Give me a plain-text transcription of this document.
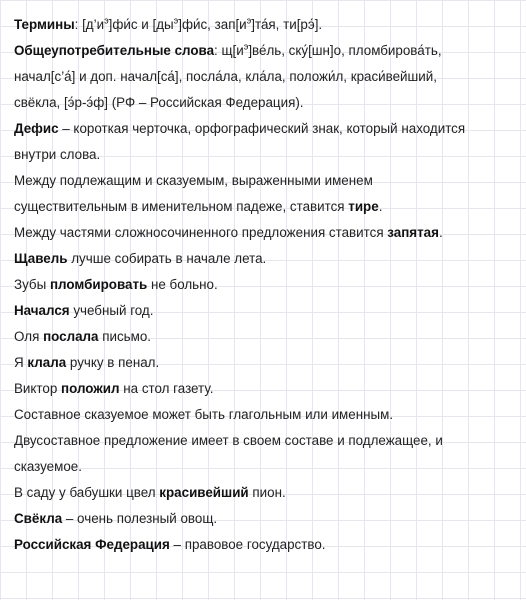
Термины: $[д’и^э]фи́с$ и $[ды^э]фи́с$, $зап[и^э]та́я$, ти[рэ́].
Общеупотребительные слова: $щ[и^э]ве́ль$, ску́[шн]о, пломбирова́ть,
начал[с’а́] и доп. начал[са́], посла́ла, кла́ла, положи́л, краси́вейший,
свёкла, [э́р-э́ф] (РФ – Российская Федерация).
Дефис – короткая черточка, орфографический знак, который находится
внутри слова.
Между подлежащим и сказуемым, выраженными именем
существительным в именительном падеже, ставится тире.
Между частями сложносочиненного предложения ставится запятая.
Щавель лучше собирать в начале лета.
Зубы пломбировать не больно.
Начался учебный год.
Оля послала письмо.
Я клала ручку в пенал.
Виктор положил на стол газету.
Составное сказуемое может быть глагольным или именным.
Двусоставное предложение имеет в своем составе и подлежащее, и
сказуемое.
В саду у бабушки цвел красивейший пион.
Свёкла – очень полезный овощ.
Российская Федерация – правовое государство.
